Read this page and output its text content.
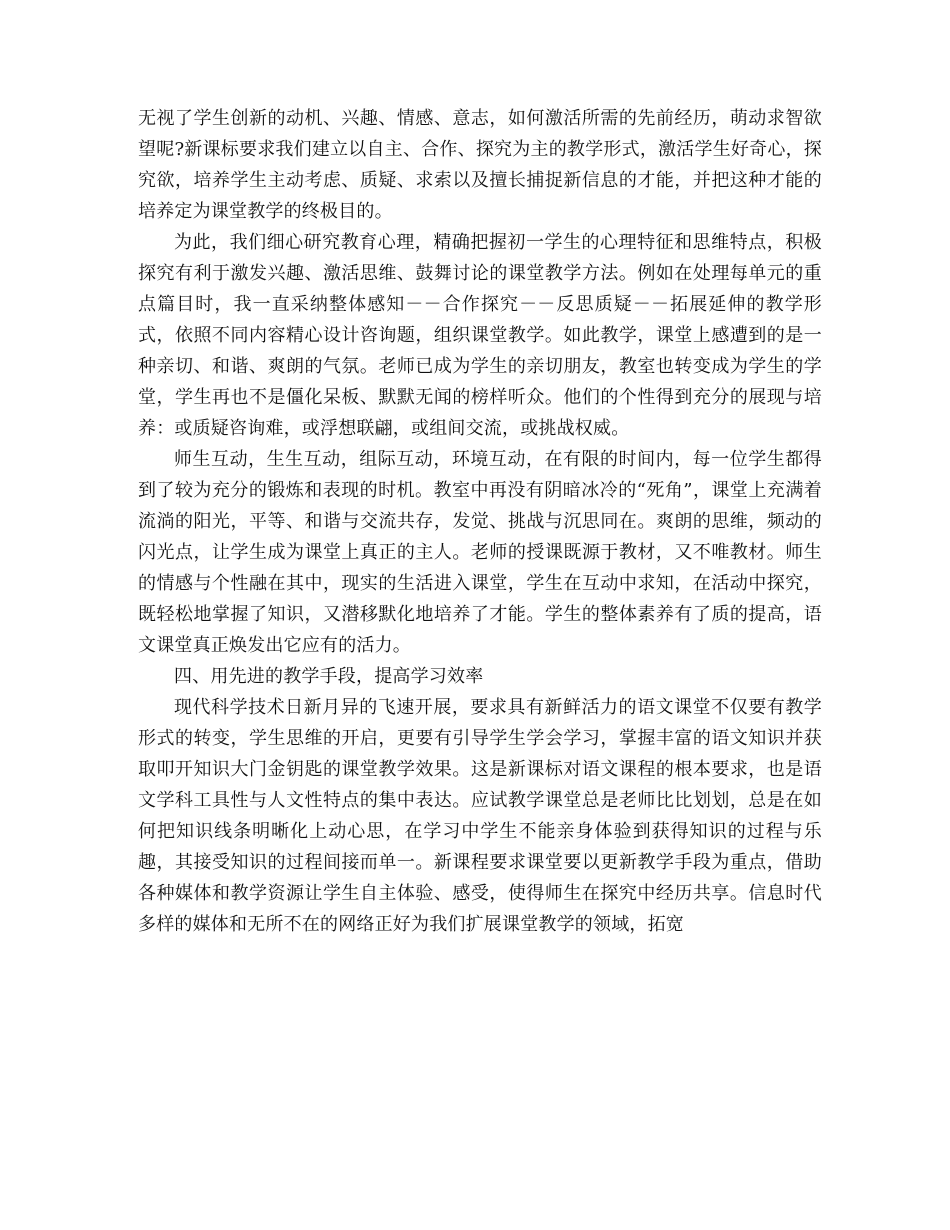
无视了学生创新的动机、兴趣、情感、意志，如何激活所需的先前经历，萌动求智欲望呢?新课标要求我们建立以自主、合作、探究为主的教学形式，激活学生好奇心，探究欲，培养学生主动考虑、质疑、求索以及擅长捕捉新信息的才能，并把这种才能的培养定为课堂教学的终极目的。

为此，我们细心研究教育心理，精确把握初一学生的心理特征和思维特点，积极探究有利于激发兴趣、激活思维、鼓舞讨论的课堂教学方法。例如在处理每单元的重点篇目时，我一直采纳整体感知－－合作探究－－反思质疑－－拓展延伸的教学形式，依照不同内容精心设计咨询题，组织课堂教学。如此教学，课堂上感遭到的是一种亲切、和谐、爽朗的气氛。老师已成为学生的亲切朋友，教室也转变成为学生的学堂，学生再也不是僵化呆板、默默无闻的榜样听众。他们的个性得到充分的展现与培养：或质疑咨询难，或浮想联翩，或组间交流，或挑战权威。

师生互动，生生互动，组际互动，环境互动，在有限的时间内，每一位学生都得到了较为充分的锻炼和表现的时机。教室中再没有阴暗冰冷的“死角”，课堂上充满着流淌的阳光，平等、和谐与交流共存，发觉、挑战与沉思同在。爽朗的思维，频动的闪光点，让学生成为课堂上真正的主人。老师的授课既源于教材，又不唯教材。师生的情感与个性融在其中，现实的生活进入课堂，学生在互动中求知，在活动中探究，既轻松地掌握了知识，又潜移默化地培养了才能。学生的整体素养有了质的提高，语文课堂真正焕发出它应有的活力。

四、用先进的教学手段，提高学习效率

现代科学技术日新月异的飞速开展，要求具有新鲜活力的语文课堂不仅要有教学形式的转变，学生思维的开启，更要有引导学生学会学习，掌握丰富的语文知识并获取叩开知识大门金钥匙的课堂教学效果。这是新课标对语文课程的根本要求，也是语文学科工具性与人文性特点的集中表达。应试教学课堂总是老师比比划划，总是在如何把知识线条明晰化上动心思，在学习中学生不能亲身体验到获得知识的过程与乐趣，其接受知识的过程间接而单一。新课程要求课堂要以更新教学手段为重点，借助各种媒体和教学资源让学生自主体验、感受，使得师生在探究中经历共享。信息时代多样的媒体和无所不在的网络正好为我们扩展课堂教学的领域，拓宽
